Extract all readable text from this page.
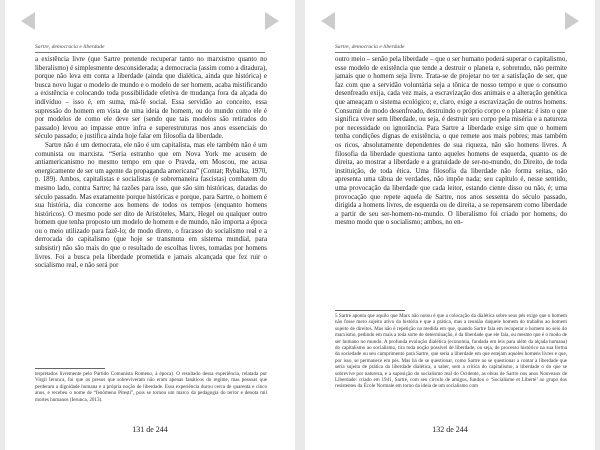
Sartre, democracia e liberdade

a existência livre (que Sartre pretende recuperar tanto no marxismo quanto no liberalismo) é simplesmente desconsiderada; a democracia (assim como a ditadura), porque não leva em conta a liberdade (ainda que dialética, ainda que histórica) e busca novo lugar o modelo de mundo e o modelo de ser homem, acaba mistificando a existência e colocando toda possibilidade efetiva de mudança fora da alçada do indivíduo – isso é, em suma, má-fé social. Essa servidão ao conceito, essa supressão do homem em vista de uma ideia de homem, ou do mundo como ele é por modelos de como ele deve ser (sendo que tais modelos são retirados do passado) levou ao impasse entre infra e superestruturas nos anos essenciais do século passado; e justifica ainda hoje falar em filosofia da liberdade.

Sartre não é um democrata, ele não é um capitalista, mas ele também não é um comunista ou marxista. “Seria estranho que em Nova York me acusem de antiamericanismo no mesmo tempo em que o Pravda, em Moscou, me acusa energicamente de ser um agente da propaganda americana” (Contat; Rybalka, 1970, p. 189). Ambos, capitalistas e socialistas (e sobremaneira fascistas) combatem do mesmo lado, contra Sartre; há razões para isso, que são sim históricas, datadas do século passado. Mas exatamente porque históricas e porque, para Sartre, o homem é sua história, dia concerne aos homens de todos os tempos (enquanto homens históricos). O mesmo pode ser dito de Aristóteles, Marx, Hegel ou qualquer outro homem que tenha proposto um modelo de homem e de mundo, não importa a época ou o meio utilizado para fazê-lo; de modo direto, o fracasso do socialismo real e a derrocada do capitalismo (que hoje se transmuta em sistema mundial, para subsistir) não são mais do que o resultado de escolhas livres, tomadas por homens livres. Foi a busca pela liberdade prometida e jamais alcançada que fez ruir o socialismo real, e não será por

terpretados livremente pelo Partido Comunista Romeno, à época). O resultado dessa experiência, relatada por Virgil Ierunca, foi que os presos que sobreviveram não eram apenas fanáticos do regime, mas pessoas que perderam a dignidade humana e a própria noção de liberdade. Essa experiência durou cerca de quarenta e cinco anos, e recebeu o nome de “fenômeno Pitești”, pois se tornou um marco da pedagogia do terror e denota mil mortes humanos (Ierunca, 2013).

131 de 244
Sartre, democracia e liberdade

outro meio – senão pela liberdade – que o ser humano poderá superar o capitalismo, esse modelo de existência que tende a destruir o planeta e, sobretudo, não permite jamais que o homem seja livre. Trata-se de projetar no ter a satisfação de ser, que faz com que a servidão voluntária seja a tônica de nosso tempo e que o consumo desenfreado exija, cada vez mais, a escravização dos animais e a alteração genética que ameaçam o sistema ecológico; e, claro, exige a escravização de outros homens. Consumir de modo desenfreado, destruindo o próprio corpo e o planeta: é isto o que significa viver sem liberdade, ou seja, é destruir seu corpo pela miséria e a natureza por necessidade ou ignorância. Para Sartre a liberdade exige sim que o homem tenha condições dignas de existência, o que remete aos mais pobres; mas também os ricos, absolutamente dependentes de sua riqueza, não são homens livres. A filosofia da liberdade questiona tanto aqueles homens de esquerda, quanto os de direita, ao mostrar a liberdade e a gratuidade de ser-no-mundo, do Direito, de toda instituição, de toda ética. Uma filosofia da liberdade não forma seitas, não apresenta uma tábua de verdades, não impõe nada; seu capítulo é, nesse sentido, uma provocação da liberdade que cada leitor, estando ciente disso ou não, é; uma provocação que repete aquela de Sartre, nos anos sessenta do século passado, dirigida a homens livres, de esquerda ou de direita, a se repensarem como liberdade a partir de seu ser-homem-no-mundo. O liberalismo foi criado por homens, do mesmo modo que o socialismo; ambos, no en-

5 Sartre aponta que aquilo que Marx não notou é que a colocação da dialética sobre seus pés exige que o homem não fosse mero sujeito ativo da história e que a prática, mas a reunião daquele homem do trabalho ao homem sujeito de direitos. Mas não é repetição na medida em que, quando Sartre fala em recuperar o homem no seio do marxismo, pedindo em mais a toda sorte de determinação, é da liberdade que ele fala, ou mesmo que é o modo de ser humano no mundo. A profunda evolução dialética (economia, fundada em leis para além da alçada humana) do capitalismo ao socialismo, tira toda noção possível de liberdade, ou seja, de processo histórico na sua forma da sociedade ou seu cumprimento para Sartre, que seria a liberdade em que estejam aqueles homens livres e que, por isso, se permanece em pés. Mas há de se questionar, como Sartre ao se questionar a contar a liberdade que seria sujeita de prática da liberdade dialética, a saber, sem a crítica do capitalismo, a liberdade o do que se sobrevive por natureza, e a suposição do socialismo real do Ocidente, as obras de Sartre nos anos Nouveaux de Liberdade: criado em 1941, Sartre, com seu círculo de amigos, fundou o ‘Socialisme et Liberté’ ao grupo dos resistentes da École Normale em torno da ideia de um socialismo com

132 de 244
